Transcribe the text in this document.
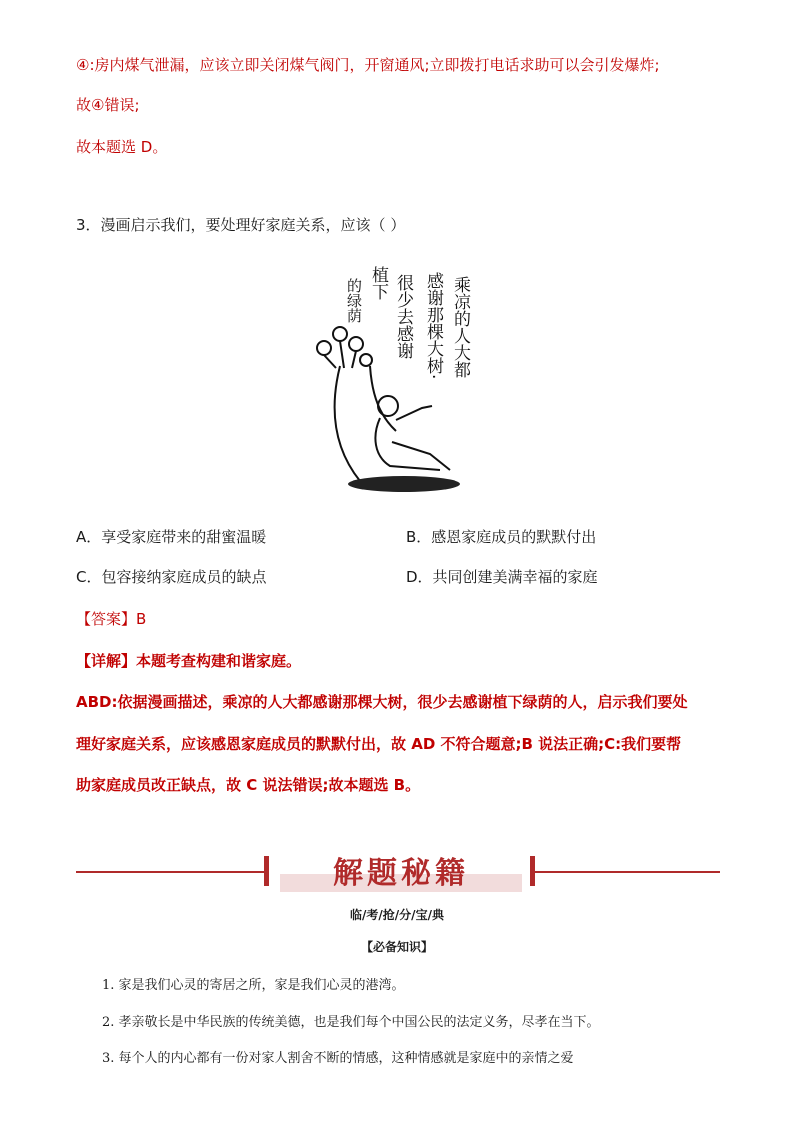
④:房内煤气泄漏，应该立即关闭煤气阀门，开窗通风;立即拨打电话求助可以会引发爆炸;
故④错误;
故本题选 D。
3．漫画启示我们，要处理好家庭关系，应该（ ）
乘凉的人大都
感谢那棵大树·
很少去感谢
植下
的绿荫
A．享受家庭带来的甜蜜温暖	B．感恩家庭成员的默默付出
C．包容接纳家庭成员的缺点	D．共同创建美满幸福的家庭
【答案】B
【详解】本题考查构建和谐家庭。
ABD:依据漫画描述，乘凉的人大都感谢那棵大树，很少去感谢植下绿荫的人，启示我们要处
理好家庭关系，应该感恩家庭成员的默默付出，故 AD 不符合题意;B 说法正确;C:我们要帮
助家庭成员改正缺点，故 C 说法错误;故本题选 B。
解题秘籍
临/考/抢/分/宝/典
【必备知识】
1. 家是我们心灵的寄居之所，家是我们心灵的港湾。
2. 孝亲敬长是中华民族的传统美德，也是我们每个中国公民的法定义务，尽孝在当下。
3. 每个人的内心都有一份对家人割舍不断的情感，这种情感就是家庭中的亲情之爱
